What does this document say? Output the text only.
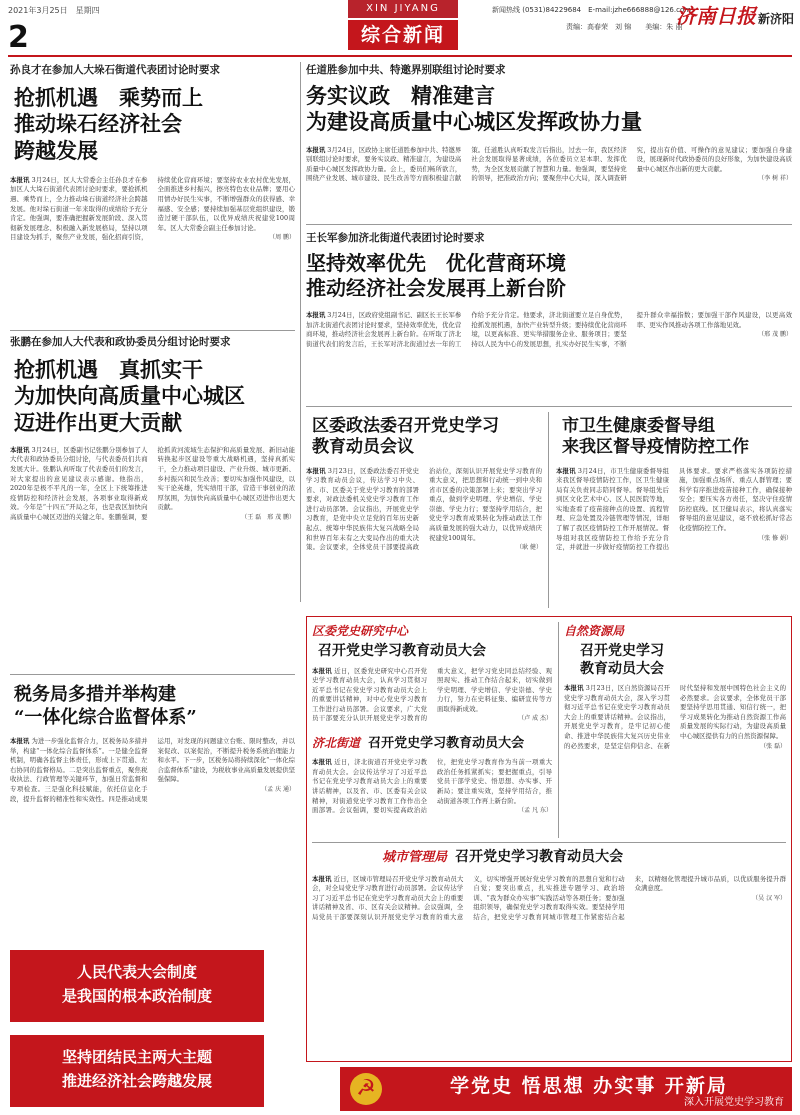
2021年3月25日　星期四	XIN JIYANG	新闻热线 (0531)84229684　E-mail:jzhe666888@126.com
济南日报 新济阳
2	综合新闻	责编：高春荣　刘 锦　　美编：朱 丽
孙良才在参加人大垛石街道代表团讨论时要求
抢抓机遇　乘势而上
推动垛石经济社会
跨越发展
本报讯 3月24日，区人大常委会主任孙良才在参加区人大垛石街道代表团讨论时要求，要抢抓机遇、乘势而上，全力推动垛石街道经济社会跨越发展。他对垛石街道一年来取得的成绩给予充分肯定。他强调，要准确把握新发展阶段、深入贯彻新发展理念、积极融入新发展格局，坚持以项目建设为抓手，聚焦产业发展，强化招商引资，持续优化营商环境；要坚持农业农村优先发展，全面推进乡村振兴，擦亮特色农业品牌；要用心用情办好民生实事，不断增强群众的获得感、幸福感、安全感；要持续加强基层党组织建设，锻造过硬干部队伍，以优异成绩庆祝建党100周年。区人大常委会副主任参加讨论。
（周 鹏）
张鹏在参加人大代表和政协委员分组讨论时要求
抢抓机遇　真抓实干
为加快向高质量中心城区
迈进作出更大贡献
本报讯 3月24日，区委副书记张鹏分别参加了人大代表和政协委员分组讨论，与代表委员们共商发展大计。张鹏认真听取了代表委员们的发言，对大家提出的意见建议表示感谢。他指出，2020年是极不平凡的一年，全区上下统筹推进疫情防控和经济社会发展，各项事业取得新成效。今年是“十四五”开局之年，也是我区加快向高质量中心城区迈进的关键之年。张鹏强调，要抢抓黄河流域生态保护和高质量发展、新旧动能转换起步区建设等重大战略机遇，坚持真抓实干，全力推动项目建设、产业升级、城市更新、乡村振兴和民生改善；要切实加强作风建设，以实干论英雄，凭实绩用干部，营造干事创业的浓厚氛围，为加快向高质量中心城区迈进作出更大贡献。
（王 磊　邢 茂 鹏）
税务局多措并举构建
“一体化综合监督体系”
本报讯 为进一步强化监督合力，区税务局多措并举，构建“一体化综合监督体系”。一是健全监督机制，明确各监督主体责任，形成上下贯通、左右协同的监督格局。二是突出监督重点，聚焦税收执法、行政管理等关键环节，加强日常监督和专项检查。三是强化科技赋能，依托信息化手段，提升监督的精准性和实效性。四是推动成果运用，对发现的问题建立台账、限时整改，并以案促改、以案促治，不断提升税务系统治理能力和水平。下一步，区税务局将持续深化“一体化综合监督体系”建设，为税收事业高质量发展提供坚强保障。
（孟 庆 通）
人民代表大会制度
是我国的根本政治制度
坚持团结民主两大主题
推进经济社会跨越发展
任道胜参加中共、特邀界别联组讨论时要求
务实议政　精准建言
为建设高质量中心城区发挥政协力量
本报讯 3月24日，区政协主席任道胜参加中共、特邀界别联组讨论时要求，要务实议政、精准建言，为建设高质量中心城区发挥政协力量。会上，委员们畅所欲言，围绕产业发展、城市建设、民生改善等方面积极建言献策。任道胜认真听取发言后指出，过去一年，我区经济社会发展取得显著成绩，各位委员立足本职、发挥优势，为全区发展贡献了智慧和力量。他强调，要坚持党的领导，把准政治方向；要聚焦中心大局，深入调查研究，提出有价值、可操作的意见建议；要加强自身建设，展现新时代政协委员的良好形象，为加快建设高质量中心城区作出新的更大贡献。
（李 树 祥）
王长军参加济北街道代表团讨论时要求
坚持效率优先　优化营商环境
推动经济社会发展再上新台阶
本报讯 3月24日，区政府党组副书记、副区长王长军参加济北街道代表团讨论时要求，坚持效率优先，优化营商环境，推动经济社会发展再上新台阶。在听取了济北街道代表们的发言后，王长军对济北街道过去一年的工作给予充分肯定。他要求，济北街道要立足自身优势，抢抓发展机遇，加快产业转型升级；要持续优化营商环境，以更高标准、更实举措服务企业、服务项目；要坚持以人民为中心的发展思想，扎实办好民生实事，不断提升群众幸福指数；要加强干部作风建设，以更高效率、更实作风推动各项工作落地见效。
（邢 茂 鹏）
区委政法委召开党史学习
教育动员会议
本报讯 3月23日，区委政法委召开党史学习教育动员会议，传达学习中央、省、市、区委关于党史学习教育的部署要求，对政法委机关党史学习教育工作进行动员部署。会议指出，开展党史学习教育，是党中央立足党的百年历史新起点、统筹中华民族伟大复兴战略全局和世界百年未有之大变局作出的重大决策。会议要求，全体党员干部要提高政治站位，深刻认识开展党史学习教育的重大意义，把思想和行动统一到中央和省市区委的决策部署上来；要突出学习重点，做到学史明理、学史增信、学史崇德、学史力行；要坚持学用结合，把党史学习教育成果转化为推动政法工作高质量发展的强大动力，以优异成绩庆祝建党100周年。
（耿 健）
市卫生健康委督导组
来我区督导疫情防控工作
本报讯 3月24日，市卫生健康委督导组来我区督导疫情防控工作，区卫生健康局有关负责同志陪同督导。督导组先后到区文化艺术中心、区人民医院等地，实地查看了疫苗接种点的设置、流程管理、应急处置及冷链管理等情况，详细了解了我区疫情防控工作开展情况。督导组对我区疫情防控工作给予充分肯定，并就进一步做好疫情防控工作提出具体要求。要求严格落实各项防控措施，加强重点场所、重点人群管理；要科学有序推进疫苗接种工作，确保接种安全；要压实各方责任，坚决守住疫情防控底线。区卫健局表示，将认真落实督导组的意见建议，毫不放松抓好常态化疫情防控工作。
（张 修 娟）
区委党史研究中心
召开党史学习教育动员大会
本报讯 近日，区委党史研究中心召开党史学习教育动员大会，认真学习贯彻习近平总书记在党史学习教育动员大会上的重要讲话精神，对中心党史学习教育工作进行动员部署。会议要求，广大党员干部要充分认识开展党史学习教育的重大意义，把学习党史同总结经验、观照现实、推动工作结合起来，切实做到学史明理、学史增信、学史崇德、学史力行，努力在史料征集、编研宣传等方面取得新成效。
（卢 成 杰）
济北街道 召开党史学习教育动员大会
本报讯 近日，济北街道召开党史学习教育动员大会。会议传达学习了习近平总书记在党史学习教育动员大会上的重要讲话精神，以及省、市、区委有关会议精神，对街道党史学习教育工作作出全面部署。会议强调，要切实提高政治站位，把党史学习教育作为当前一项重大政治任务抓紧抓实；要把握重点，引导党员干部学党史、悟思想、办实事、开新局；要注重实效，坚持学用结合，推动街道各项工作再上新台阶。
（孟 凡 东）
自然资源局
召开党史学习
教育动员大会
本报讯 3月23日，区自然资源局召开党史学习教育动员大会，深入学习贯彻习近平总书记在党史学习教育动员大会上的重要讲话精神。会议指出，开展党史学习教育，是牢记初心使命、推进中华民族伟大复兴历史伟业的必然要求，是坚定信仰信念、在新时代坚持和发展中国特色社会主义的必然要求。会议要求，全体党员干部要坚持学思用贯通、知信行统一，把学习成果转化为推动自然资源工作高质量发展的实际行动，为建设高质量中心城区提供有力的自然资源保障。
（张 磊）
城市管理局 召开党史学习教育动员大会
本报讯 近日，区城市管理局召开党史学习教育动员大会，对全局党史学习教育进行动员部署。会议传达学习了习近平总书记在党史学习教育动员大会上的重要讲话精神及省、市、区有关会议精神。会议强调，全局党员干部要深刻认识开展党史学习教育的重大意义，切实增强开展好党史学习教育的思想自觉和行动自觉；要突出重点，扎实推进专题学习、政治培训、“我为群众办实事”实践活动等各项任务；要加强组织领导，确保党史学习教育取得实效。要坚持学用结合，把党史学习教育同城市管理工作紧密结合起来，以精细化管理提升城市品质，以优质服务提升群众满意度。
（吴 汉 军）
☭	学党史 悟思想 办实事 开新局
深入开展党史学习教育
